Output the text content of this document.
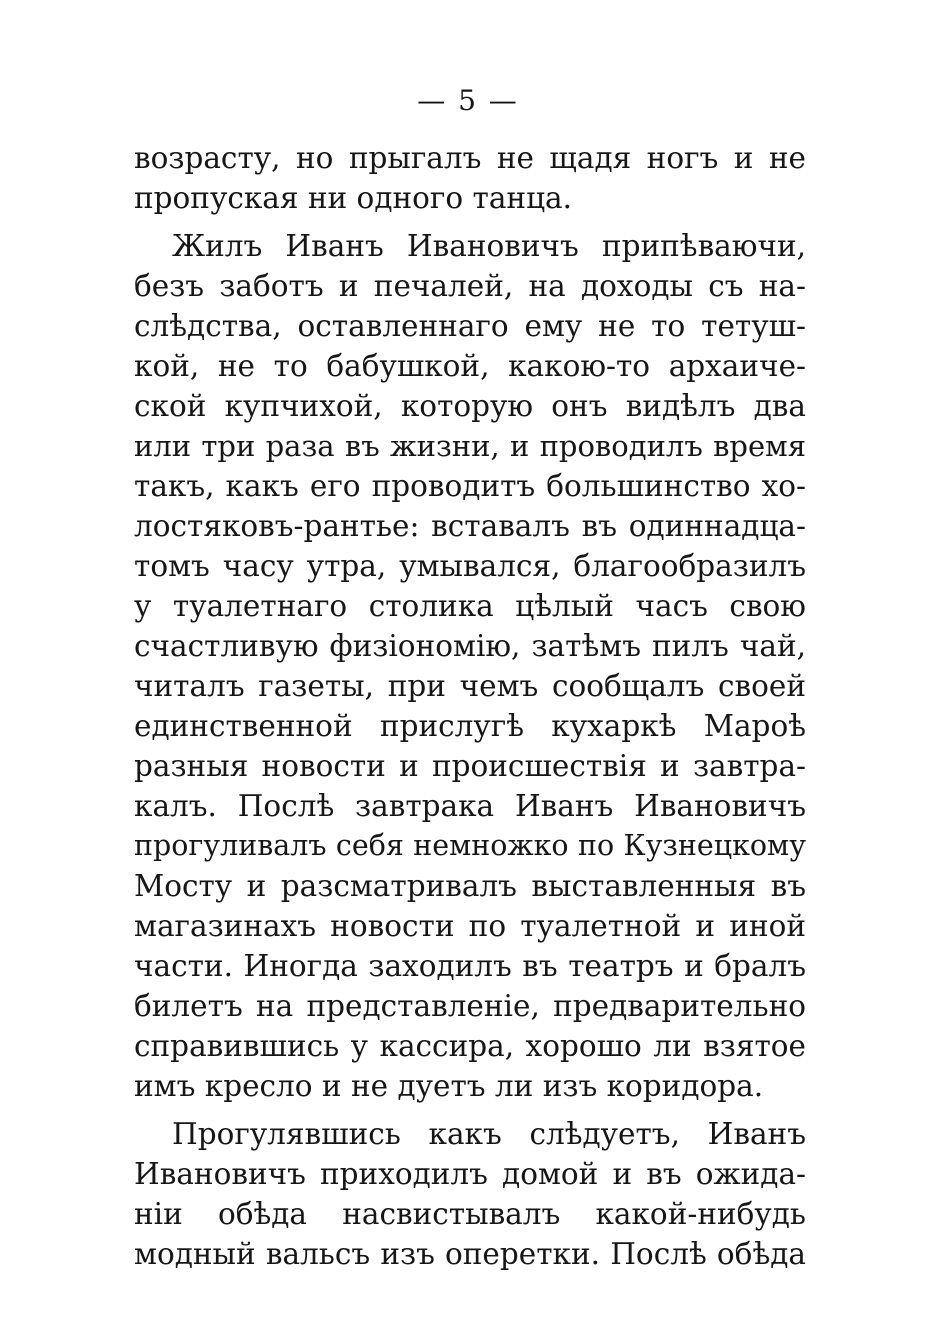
— 5 —
возрасту, но прыгалъ не щадя ногъ и не
пропуская ни одного танца.
Жилъ Иванъ Ивановичъ припѣваючи,
безъ заботъ и печалей, на доходы съ на-
слѣдства, оставленнаго ему не то тетуш-
кой, не то бабушкой, какою-то архаиче-
ской купчихой, которую онъ видѣлъ два
или три раза въ жизни, и проводилъ время
такъ, какъ его проводитъ большинство хо-
лостяковъ-рантье: вставалъ въ одиннадца-
томъ часу утра, умывался, благообразилъ
у туалетнаго столика цѣлый часъ свою
счастливую физіономію, затѣмъ пилъ чай,
читалъ газеты, при чемъ сообщалъ своей
единственной прислугѣ кухаркѣ Мароѣ
разныя новости и происшествія и завтра-
калъ. Послѣ завтрака Иванъ Ивановичъ
прогуливалъ себя немножко по Кузнецкому
Мосту и разсматривалъ выставленныя въ
магазинахъ новости по туалетной и иной
части. Иногда заходилъ въ театръ и бралъ
билетъ на представленіе, предварительно
справившись у кассира, хорошо ли взятое
имъ кресло и не дуетъ ли изъ коридора.
Прогулявшись какъ слѣдуетъ, Иванъ
Ивановичъ приходилъ домой и въ ожида-
ніи обѣда насвистывалъ какой-нибудь
модный вальсъ изъ оперетки. Послѣ обѣда
